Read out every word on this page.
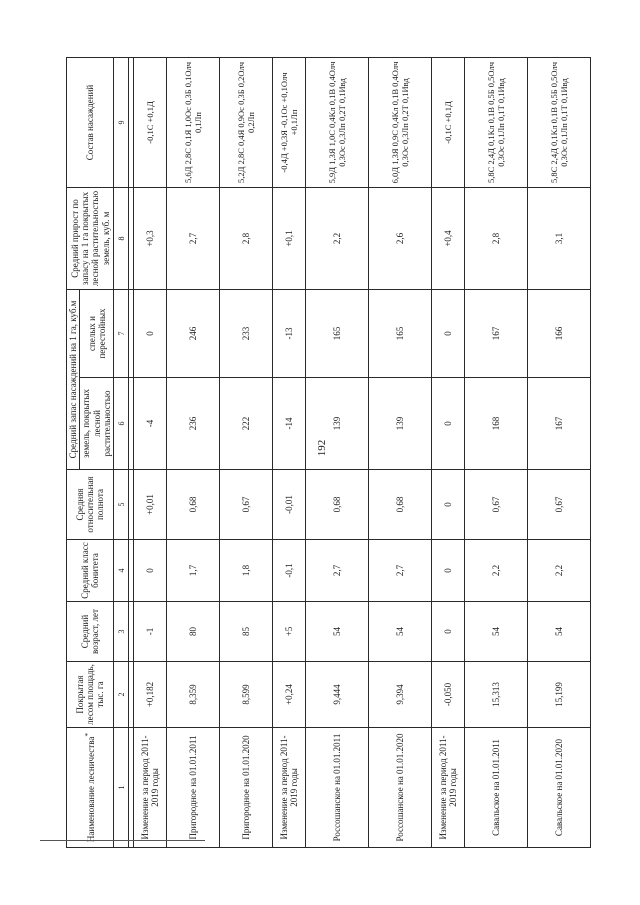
192
Наименование лесничества*	Покрытая лесом площадь, тыс. га	Средний возраст, лет	Средний класс бонитета	Средняя относительная полнота	Средний запас насаждений на 1 га, куб.м		Средний прирост по запасу на 1 га покрытых лесной растительностью земель, куб. м	Состав насаждений
					земель, покрытых лесной растительностью	спелых и перестойных		
1	2	3	4	5	6	7	8	9

Изменение за период 2011-2019 годы	+0,182	-1	0	+0,01	-4	0	+0,3	-0,1С +0,1Д
Пригородное на 01.01.2011	8,359	80	1,7	0,68	236	246	2,7	5,6Д 2,8С 0,1Я 1,0Ос 0,3Б 0,1Олч 0,1Лп
Пригородное на 01.01.2020	8,599	85	1,8	0,67	222	233	2,8	5,2Д 2,8С 0,4Я 0,9Ос 0,3Б 0,2Олч 0,2Лп
Изменение за период 2011-2019 годы	+0,24	+5	-0,1	-0,01	-14	-13	+0,1	-0,4Д +0,3Я -0,1Ос +0,1Олч +0,1Лп
Россошанское на 01.01.2011	9,444	54	2,7	0,68	139	165	2,2	5,9Д 1,3Я 1,0С 0,4Кл 0,1В 0,4Олч 0,3Ос 0,3Лп 0,2Т 0,1Ивд
Россошанское на 01.01.2020	9,394	54	2,7	0,68	139	165	2,6	6,0Д 1,3Я 0,9С 0,4Кл 0,1В 0,4Олч 0,3Ос 0,3Лп 0,2Т 0,1Ивд
Изменение за период 2011-2019 годы	-0,050	0	0	0	0	0	+0,4	-0,1С +0,1Д
Савальское на 01.01.2011	15,313	54	2,2	0,67	168	167	2,8	5,8С 2,4Д 0,1Кл 0,1В 0,5Б 0,5Олч 0,3Ос 0,1Лп 0,1Т 0,1Ивд
Савальское на 01.01.2020	15,199	54	2,2	0,67	167	166	3,1	5,8С 2,4Д 0,1Кл 0,1В 0,5Б 0,5Олч 0,3Ос 0,1Лп 0,1Т 0,1Ивд
